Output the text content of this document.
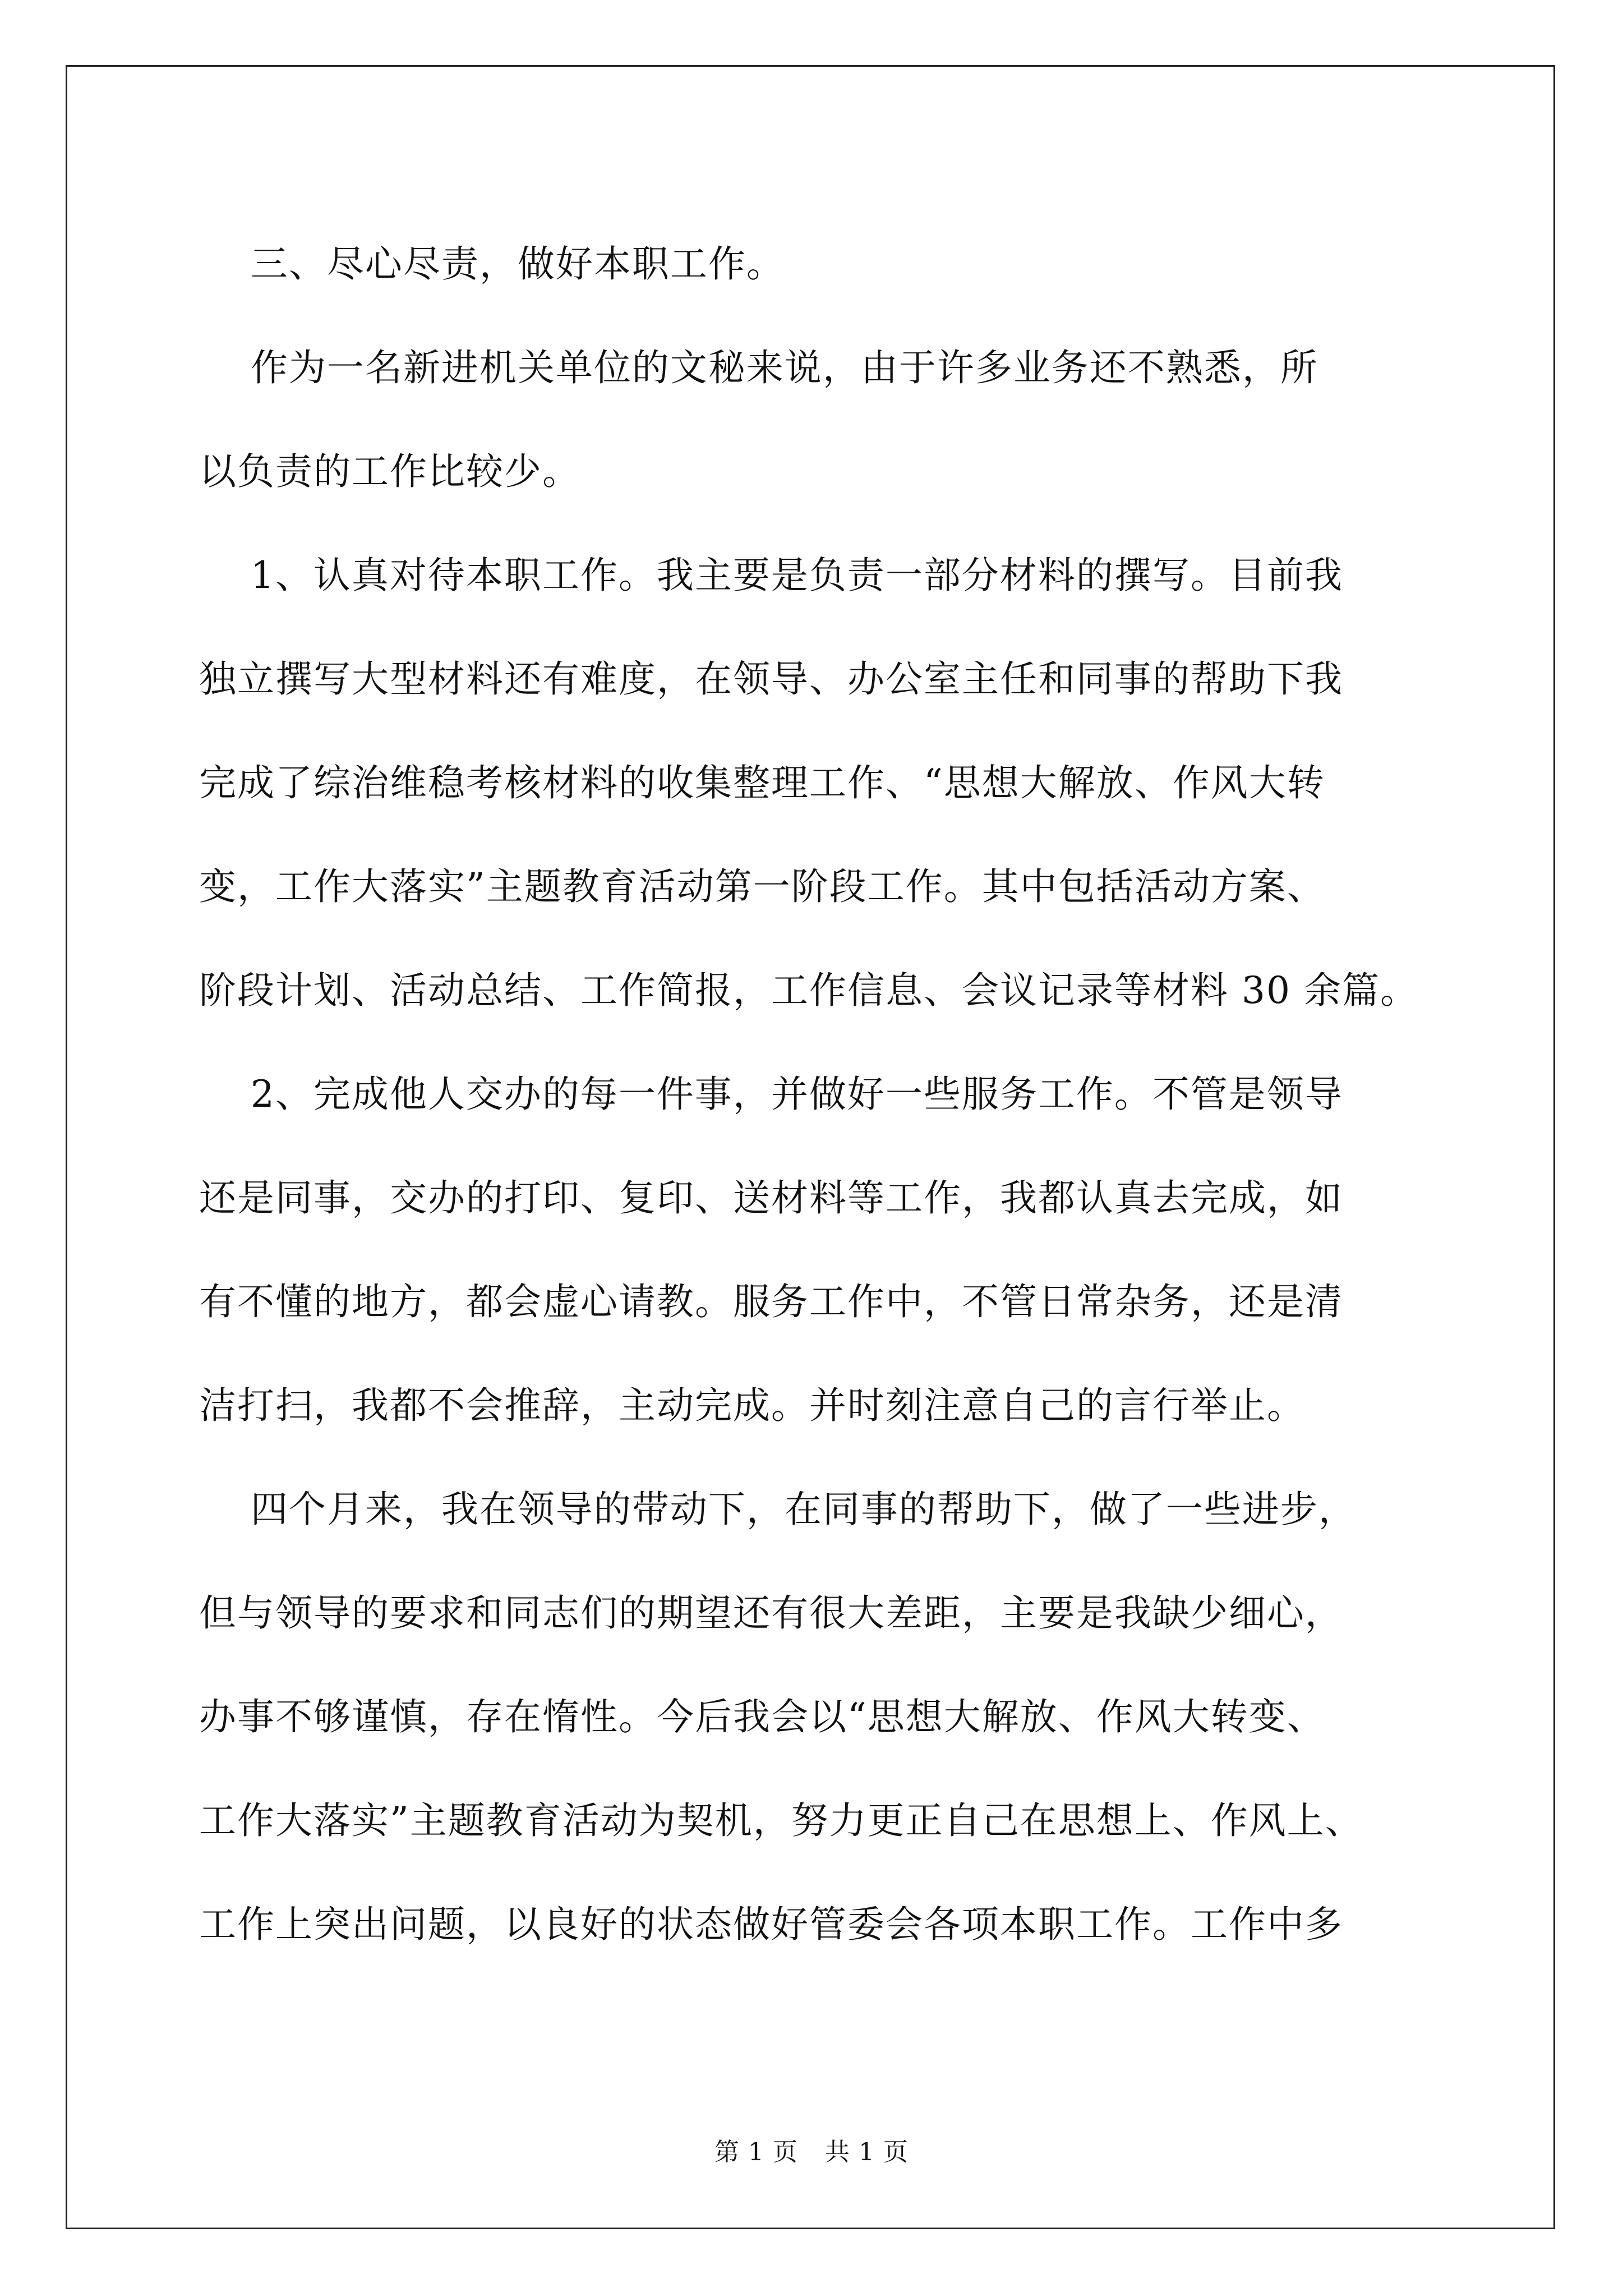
三、尽心尽责，做好本职工作。
作为一名新进机关单位的文秘来说，由于许多业务还不熟悉，所
以负责的工作比较少。
1、认真对待本职工作。我主要是负责一部分材料的撰写。目前我
独立撰写大型材料还有难度，在领导、办公室主任和同事的帮助下我
完成了综治维稳考核材料的收集整理工作、“思想大解放、作风大转
变，工作大落实”主题教育活动第一阶段工作。其中包括活动方案、
阶段计划、活动总结、工作简报，工作信息、会议记录等材料 30 余篇。
2、完成他人交办的每一件事，并做好一些服务工作。不管是领导
还是同事，交办的打印、复印、送材料等工作，我都认真去完成，如
有不懂的地方，都会虚心请教。服务工作中，不管日常杂务，还是清
洁打扫，我都不会推辞，主动完成。并时刻注意自己的言行举止。
四个月来，我在领导的带动下，在同事的帮助下，做了一些进步，
但与领导的要求和同志们的期望还有很大差距，主要是我缺少细心，
办事不够谨慎，存在惰性。今后我会以“思想大解放、作风大转变、
工作大落实”主题教育活动为契机，努力更正自己在思想上、作风上、
工作上突出问题，以良好的状态做好管委会各项本职工作。工作中多
第 1 页 共 1 页
